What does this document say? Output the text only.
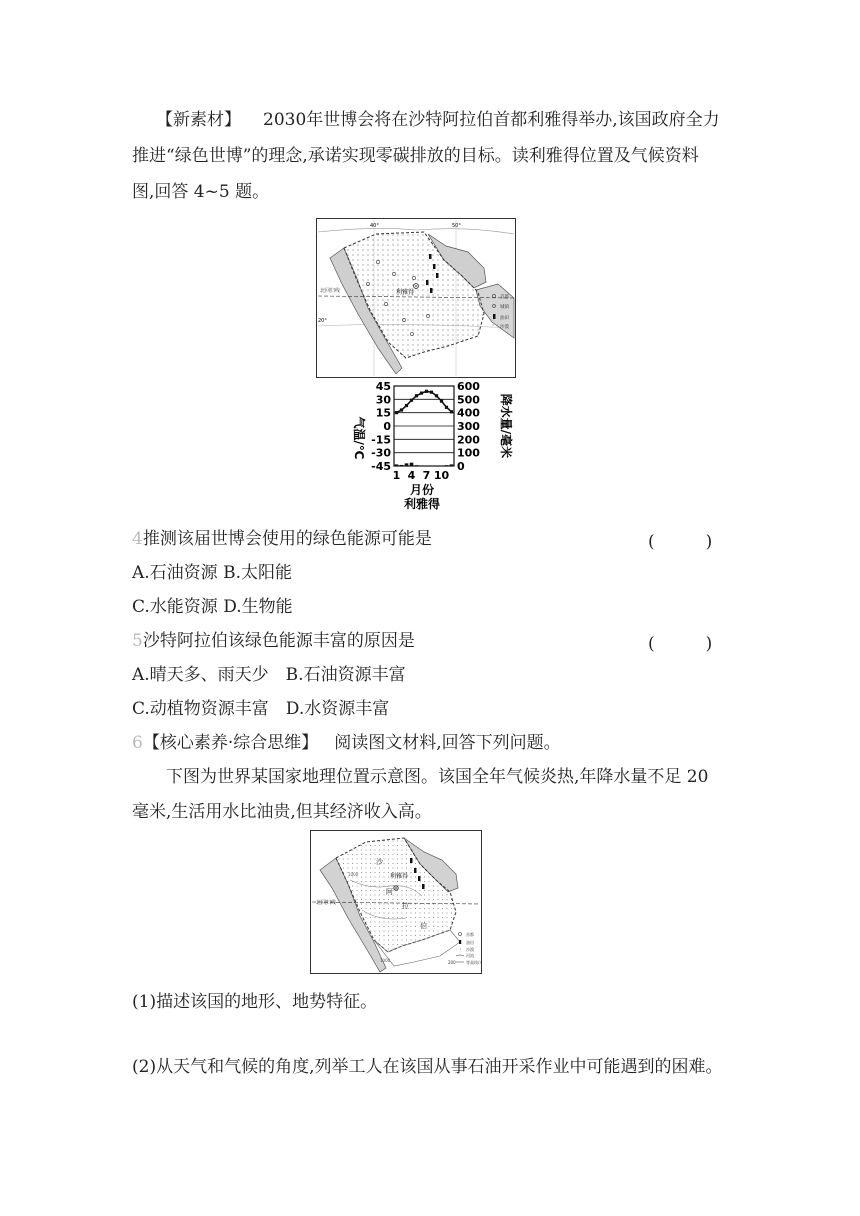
【新素材】 2030年世博会将在沙特阿拉伯首都利雅得举办,该国政府全力
推进“绿色世博”的理念,承诺实现零碳排放的目标。读利雅得位置及气候资料
图,回答 4~5 题。
利雅得
北回归线
40°	50°
20°
首都
城镇
油田
沙漠
45
30
15
0
-15
-30
-45
600
500
400
300
200
100
0
1 4 7 10
气温/℃	降水量/毫米
月份
利雅得
4推测该届世博会使用的绿色能源可能是	(　　　)
A.石油资源 B.太阳能
C.水能资源 D.生物能
5沙特阿拉伯该绿色能源丰富的原因是	(　　　)
A.晴天多、雨天少　B.石油资源丰富
C.动植物资源丰富　D.水资源丰富
6【核心素养·综合思维】 阅读图文材料,回答下列问题。
下图为世界某国家地理位置示意图。该国全年气候炎热,年降水量不足 20
毫米,生活用水比油贵,但其经济收入高。
利雅得
北回归线
沙
阿
拉
伯
1000
1000
首都
油田
沙漠
河流
200	等高线/米
(1)描述该国的地形、地势特征。
(2)从天气和气候的角度,列举工人在该国从事石油开采作业中可能遇到的困难。
